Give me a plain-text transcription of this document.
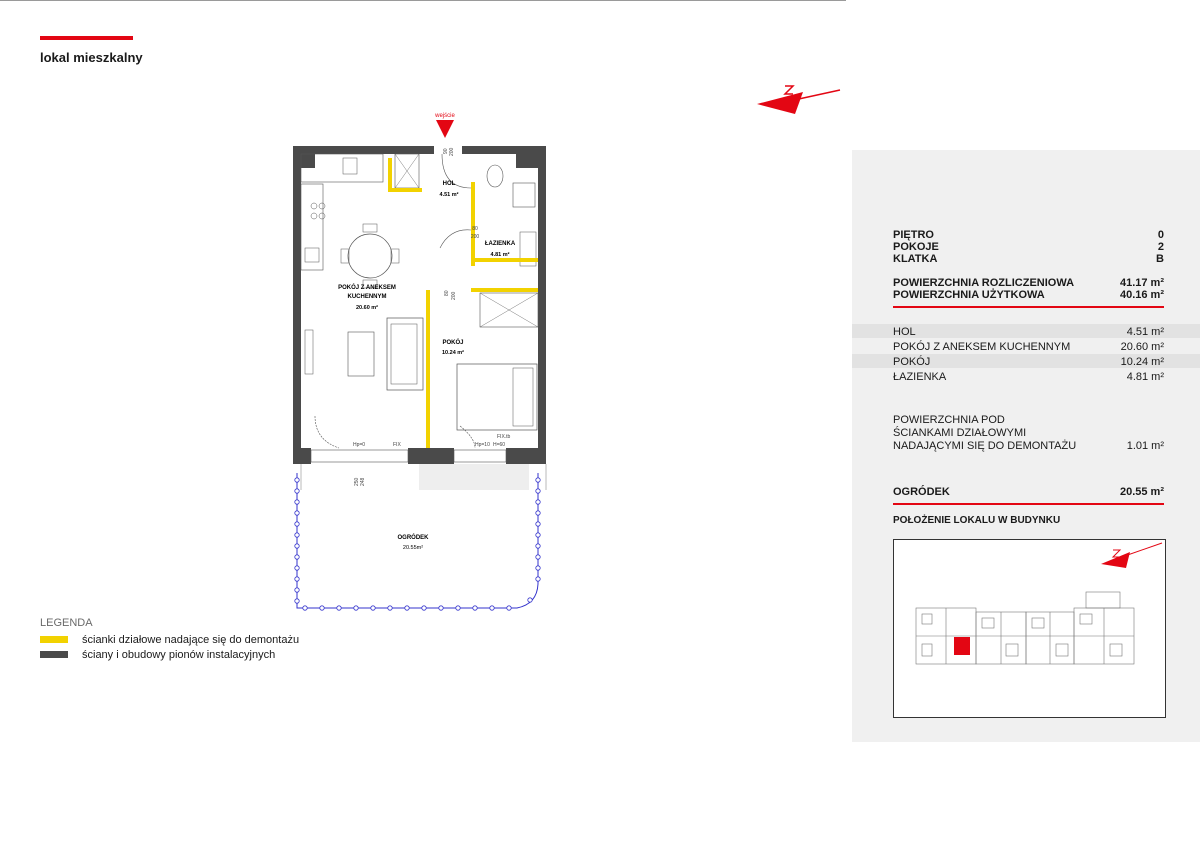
lokal mieszkalny
wejście
90 200
80
200
80 200
HOL
4.51 m²
ŁAZIENKA
4.81 m²
POKÓJ Z ANEKSEM
KUCHENNYM
20.60 m²
POKÓJ
10.24 m²
Hp=0	FIX	Hp=10 H=60
FIX.tb
250 248
OGRÓDEK
20.55m²
LEGENDA
ścianki działowe nadające się do demontażu
ściany i obudowy pionów instalacyjnych
PIĘTRO	0
POKOJE	2
KLATKA	B
POWIERZCHNIA ROZLICZENIOWA	41.17 m²
POWIERZCHNIA UŻYTKOWA	40.16 m²
HOL	4.51 m²
POKÓJ Z ANEKSEM KUCHENNYM	20.60 m²
POKÓJ	10.24 m²
ŁAZIENKA	4.81 m²
POWIERZCHNIA POD
ŚCIANKAMI DZIAŁOWYMI
NADAJĄCYMI SIĘ DO DEMONTAŻU	1.01 m²
OGRÓDEK	20.55 m²
POŁOŻENIE LOKALU W BUDYNKU
